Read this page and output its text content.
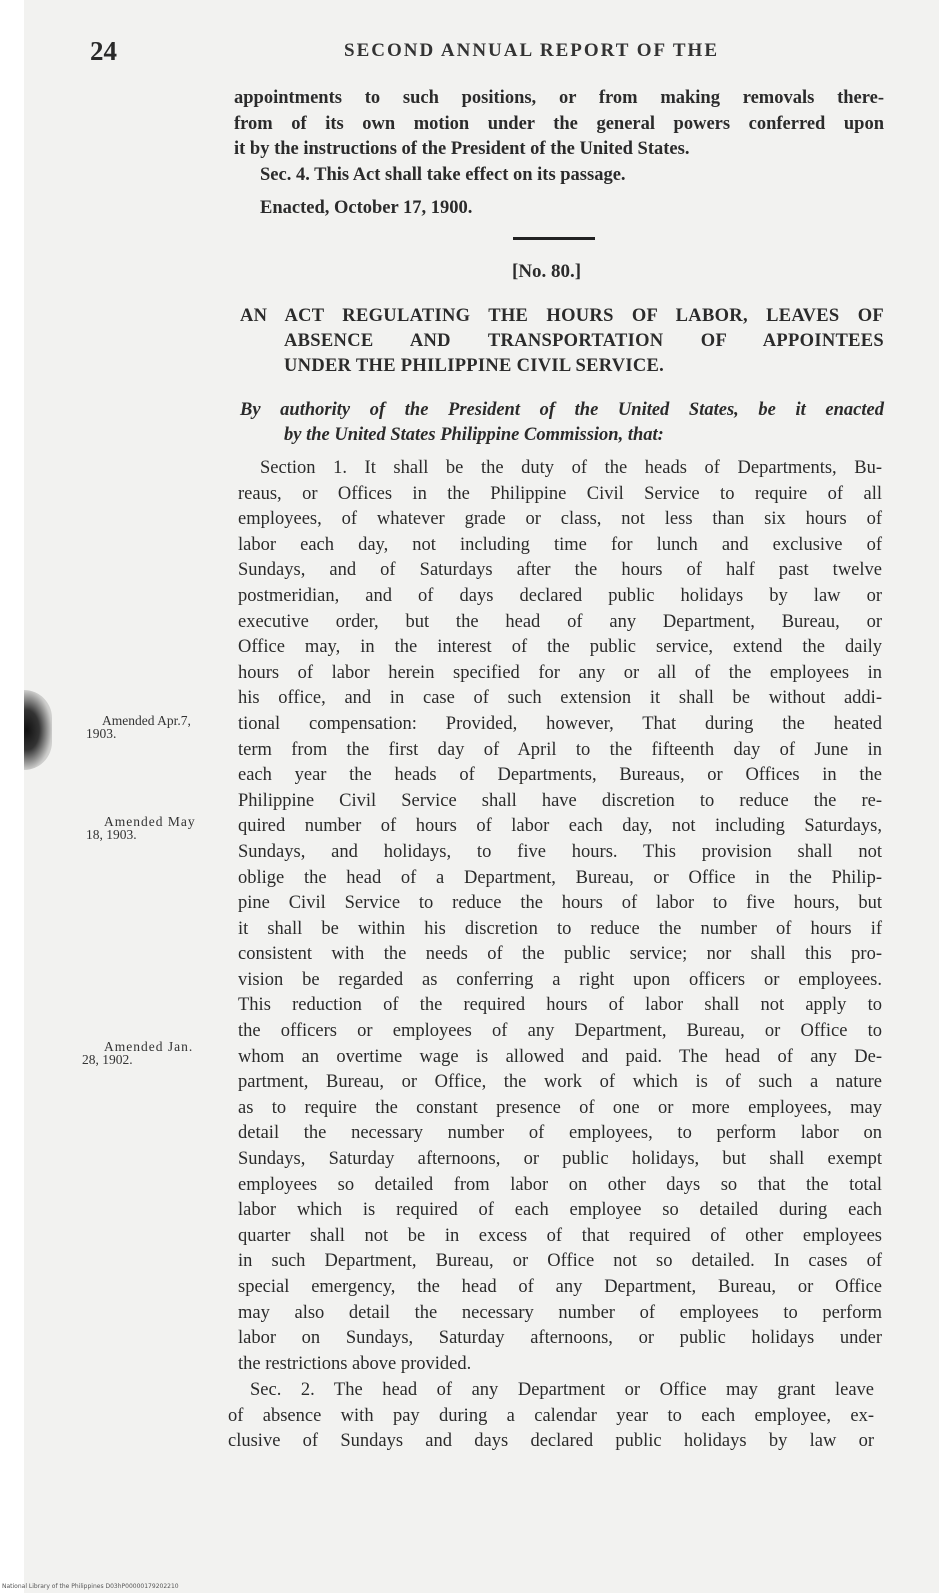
24	SECOND ANNUAL REPORT OF THE
appointments to such positions, or from making removals there-
from of its own motion under the general powers conferred upon
it by the instructions of the President of the United States.
Sec. 4. This Act shall take effect on its passage.
Enacted, October 17, 1900.
[No. 80.]
AN ACT REGULATING THE HOURS OF LABOR, LEAVES OF
ABSENCE AND TRANSPORTATION OF APPOINTEES
UNDER THE PHILIPPINE CIVIL SERVICE.
By authority of the President of the United States, be it enacted
by the United States Philippine Commission, that:
Section 1. It shall be the duty of the heads of Departments, Bu-
reaus, or Offices in the Philippine Civil Service to require of all
employees, of whatever grade or class, not less than six hours of
labor each day, not including time for lunch and exclusive of
Sundays, and of Saturdays after the hours of half past twelve
postmeridian, and of days declared public holidays by law or
executive order, but the head of any Department, Bureau, or
Office may, in the interest of the public service, extend the daily
hours of labor herein specified for any or all of the employees in
his office, and in case of such extension it shall be without addi-
tional compensation: Provided, however, That during the heated
term from the first day of April to the fifteenth day of June in
each year the heads of Departments, Bureaus, or Offices in the
Philippine Civil Service shall have discretion to reduce the re-
quired number of hours of labor each day, not including Saturdays,
Sundays, and holidays, to five hours. This provision shall not
oblige the head of a Department, Bureau, or Office in the Philip-
pine Civil Service to reduce the hours of labor to five hours, but
it shall be within his discretion to reduce the number of hours if
consistent with the needs of the public service; nor shall this pro-
vision be regarded as conferring a right upon officers or employees.
This reduction of the required hours of labor shall not apply to
the officers or employees of any Department, Bureau, or Office to
whom an overtime wage is allowed and paid. The head of any De-
partment, Bureau, or Office, the work of which is of such a nature
as to require the constant presence of one or more employees, may
detail the necessary number of employees, to perform labor on
Sundays, Saturday afternoons, or public holidays, but shall exempt
employees so detailed from labor on other days so that the total
labor which is required of each employee so detailed during each
quarter shall not be in excess of that required of other employees
in such Department, Bureau, or Office not so detailed. In cases of
special emergency, the head of any Department, Bureau, or Office
may also detail the necessary number of employees to perform
labor on Sundays, Saturday afternoons, or public holidays under
the restrictions above provided.
Sec. 2. The head of any Department or Office may grant leave
of absence with pay during a calendar year to each employee, ex-
clusive of Sundays and days declared public holidays by law or
Amended Apr.7,
1903.
Amended May
18, 1903.
Amended Jan.
28, 1902.
National Library of the Philippines D03hP00000179202210
